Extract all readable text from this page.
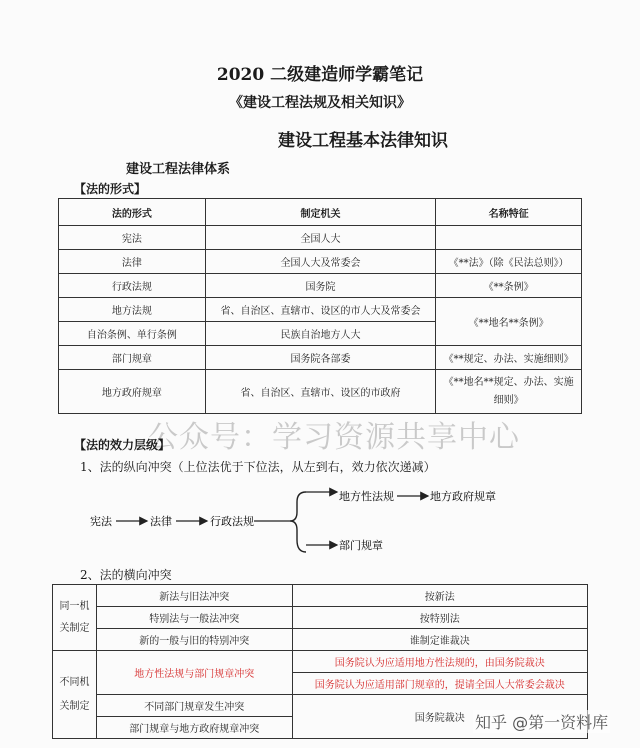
2020 二级建造师学霸笔记
《建设工程法规及相关知识》
建设工程基本法律知识
建设工程法律体系
【法的形式】
法的形式	制定机关	名称特征
宪法	全国人大	
法律	全国人大及常委会	《**法》（除《民法总则》）
行政法规	国务院	《**条例》
地方法规	省、自治区、直辖市、设区的市人大及常委会	《**地名**条例》
自治条例、单行条例	民族自治地方人大	
部门规章	国务院各部委	《**规定、办法、实施细则》
地方政府规章	省、自治区、直辖市、设区的市政府	《**地名**规定、办法、实施细则》
公众号：学习资源共享中心
【法的效力层级】
1、法的纵向冲突（上位法优于下位法，从左到右，效力依次递减）
宪法	法律	行政法规
地方性法规	地方政府规章
部门规章
2、法的横向冲突
同一机关制定	新法与旧法冲突	按新法
	特别法与一般法冲突	按特别法
	新的一般与旧的特别冲突	谁制定谁裁决
不同机关制定	地方性法规与部门规章冲突	国务院认为应适用地方性法规的，由国务院裁决
		国务院认为应适用部门规章的，提请全国人大常委会裁决
	不同部门规章发生冲突	国务院裁决
	部门规章与地方政府规章冲突		知乎 @第一资料库
